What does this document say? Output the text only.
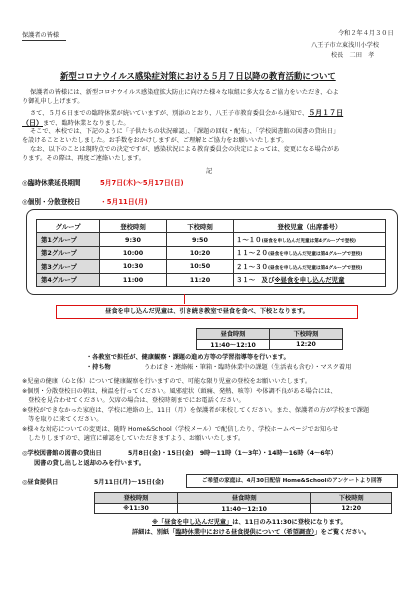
令和２年４月３０日
保護者の皆様
八王子市立東浅川小学校
校長　二田　孝
新型コロナウイルス感染症対策における５月７日以降の教育活動について
保護者の皆様には、新型コロナウイルス感染症拡大防止に向けた様々な取組に多大なるご協力をいただき、心よ
り御礼申し上げます。
さて、５月６日までの臨時休業が続いていますが、別添のとおり、八王子市教育委員会から通知で、５月１７日
（日）まで、臨時休業となりました。
そこで、本校では、下記のように「子供たちの状況確認」、「課題の回収・配布」、「学校図書館の図書の貸出日」
を設けることといたしました。お手数をおかけしますが、ご理解とご協力をお願いいたします。
なお、以下のことは現時点での決定ですが、感染状況による教育委員会の決定によっては、変更になる場合があ
ります。その際は、再度ご連絡いたします。
記
◎臨時休業延長期間	5月7日(木)～5月17日(日)
◎個別・分散登校日	・5月11日(月)
グループ	登校時刻	下校時刻	登校児童（出席番号）
第1グループ	9:30	9:50	１～１０(昼食を申し込んだ児童は第4グループで登校)
第2グループ	10:00	10:20	１１～２０(昼食を申し込んだ児童は第4グループで登校)
第3グループ	10:30	10:50	２１～３０(昼食を申し込んだ児童は第4グループで登校)
第4グループ	11:00	11:20	３１～　及び※昼食を申し込んだ児童
昼食を申し込んだ児童は、引き続き教室で昼食を食べ、下校となります。
昼食時刻	下校時刻
11:40～12:10	12:20
・各教室で担任が、健康観察・課題の進め方等の学習指導等を行います。
・持ち物	うわばき・連絡帳・筆箱・臨時休業中の課題（生活表も含む）・マスク着用
※児童の健康（心と体）について健康観察を行いますので、可能な限り児童の登校をお願いいたします。
※個別・分散登校日の朝は、検温を行ってください。風邪症状（頭痛、発熱、咳等）や体調不良がある場合には、
　登校を見合わせてください。欠席の場合は、登校時刻までにお電話ください。
※登校ができなかった家庭は、学校に連絡の上、11日（月）を保護者が来校してください。また、保護者の方が学校まで課題
　等を取りに来てください。
※様々な対応についての変更は、随時 Home&School（学校メール）で配信したり、学校ホームページでお知らせ
　したりしますので、適宜に確認をしていただきますよう、お願いいたします。
◎学校図書館の図書の貸出日	5月8日(金)・15日(金)　9時～11時（1～3年）・14時～16時（4～6年）
図書の貸し出しと返却のみを行います。
◎昼食提供日	5月11日(月)～15日(金)	ご希望の家庭は、4月30日配信 Home&Schoolのアンケートより回答
登校時刻	昼食時刻	下校時刻
※11:30	11:40～12:10	12:20
※「昼食を申し込んだ児童」は、11日のみ11:30に登校になります。
詳細は、別紙「臨時休業中における昼食提供について（希望調査）」をご覧ください。
